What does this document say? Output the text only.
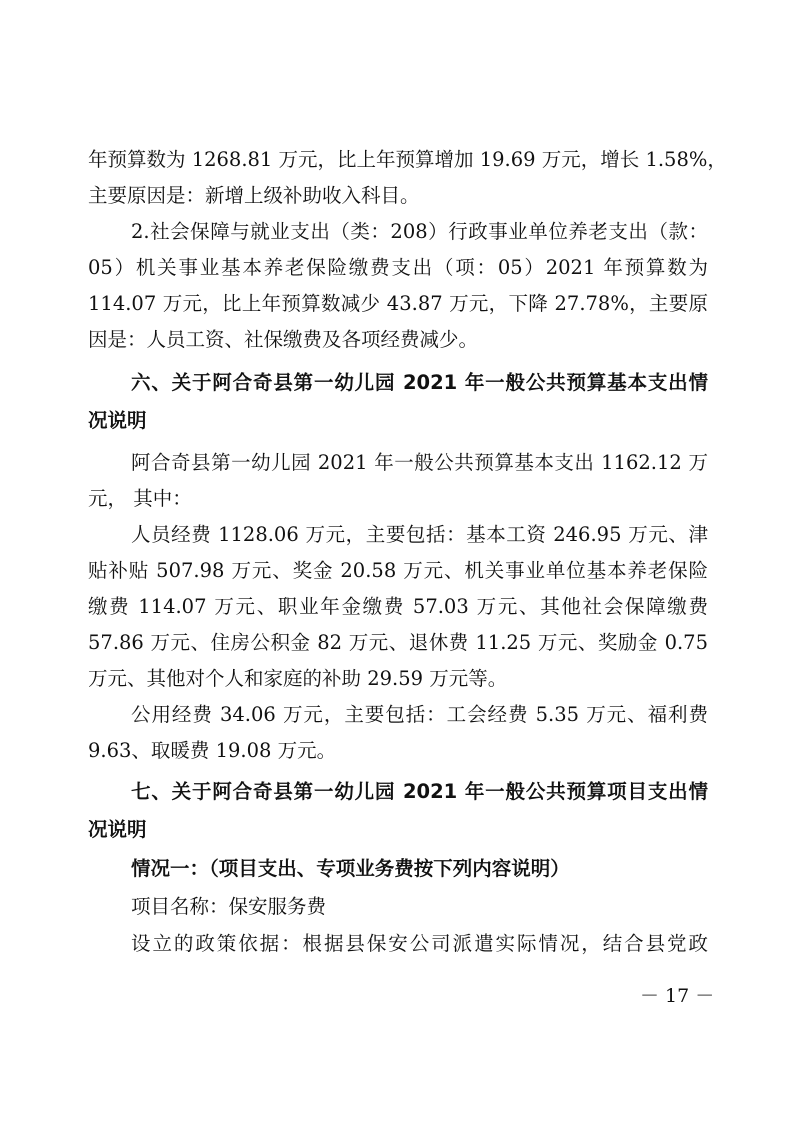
年预算数为 1268.81 万元，比上年预算增加 19.69 万元，增长 1.58%，
主要原因是：新增上级补助收入科目。
2.社会保障与就业支出（类：208）行政事业单位养老支出（款：
05）机关事业基本养老保险缴费支出（项：05）2021 年预算数为
114.07 万元，比上年预算数减少 43.87 万元，下降 27.78%，主要原
因是：人员工资、社保缴费及各项经费减少。
六、关于阿合奇县第一幼儿园 2021 年一般公共预算基本支出情
况说明
阿合奇县第一幼儿园 2021 年一般公共预算基本支出 1162.12 万
元， 其中：
人员经费 1128.06 万元，主要包括：基本工资 246.95 万元、津
贴补贴 507.98 万元、奖金 20.58 万元、机关事业单位基本养老保险
缴费 114.07 万元、职业年金缴费 57.03 万元、其他社会保障缴费
57.86 万元、住房公积金 82 万元、退休费 11.25 万元、奖励金 0.75
万元、其他对个人和家庭的补助 29.59 万元等。
公用经费 34.06 万元，主要包括：工会经费 5.35 万元、福利费
9.63、取暖费 19.08 万元。
七、关于阿合奇县第一幼儿园 2021 年一般公共预算项目支出情
况说明
情况一：（项目支出、专项业务费按下列内容说明）
项目名称：保安服务费
设立的政策依据：根据县保安公司派遣实际情况，结合县党政
－ 17 －
